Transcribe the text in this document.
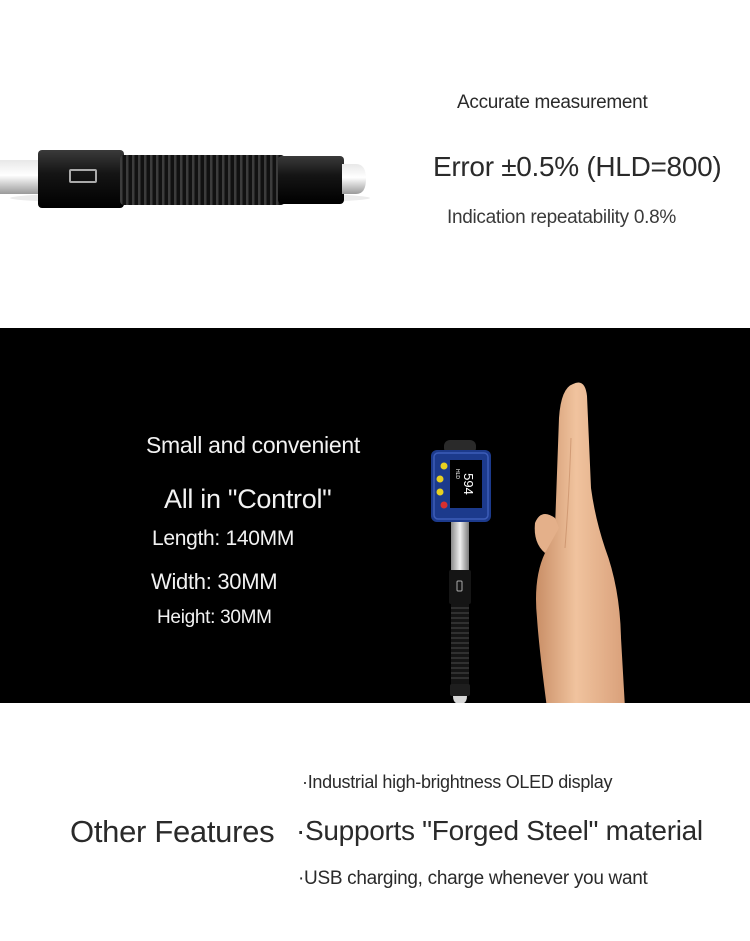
Accurate measurement
Error ±0.5% (HLD=800)
Indication repeatability 0.8%
Small and convenient
All in "Control"
Length: 140MM
Width: 30MM
Height: 30MM
594
HLD
Other Features
·Industrial high-brightness OLED display
·Supports "Forged Steel" material
·USB charging, charge whenever you want
